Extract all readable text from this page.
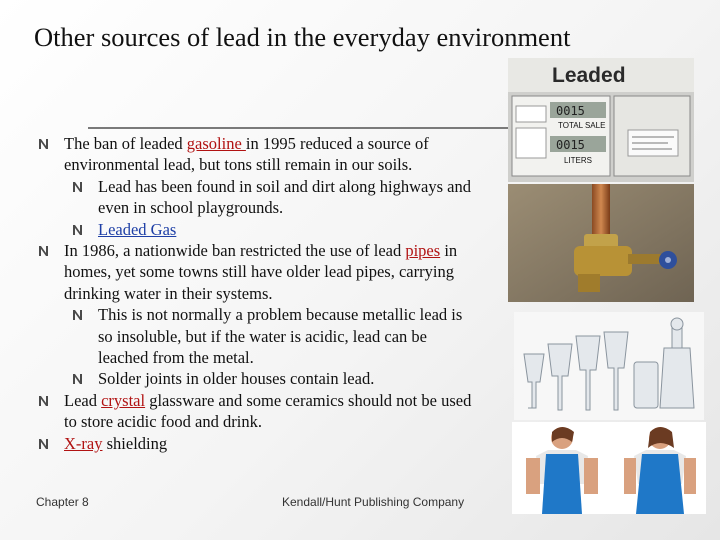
Other sources of lead in the everyday environment
The ban of leaded gasoline in 1995 reduced a source of environmental lead, but tons still remain in our soils.
Lead has been found in soil and dirt along highways and even in school playgrounds.
Leaded Gas
In 1986, a nationwide ban restricted the use of lead pipes in homes, yet some towns still have older lead pipes, carrying drinking water in their systems.
This is not normally a problem because metallic lead is so insoluble, but if the water is acidic, lead can be leached from the metal.
Solder joints in older houses contain lead.
Lead crystal glassware and some ceramics should not be used to store acidic food and drink.
X-ray shielding
Leaded
0015
TOTAL SALE
0015
LITERS
Chapter 8	Kendall/Hunt Publishing Company
